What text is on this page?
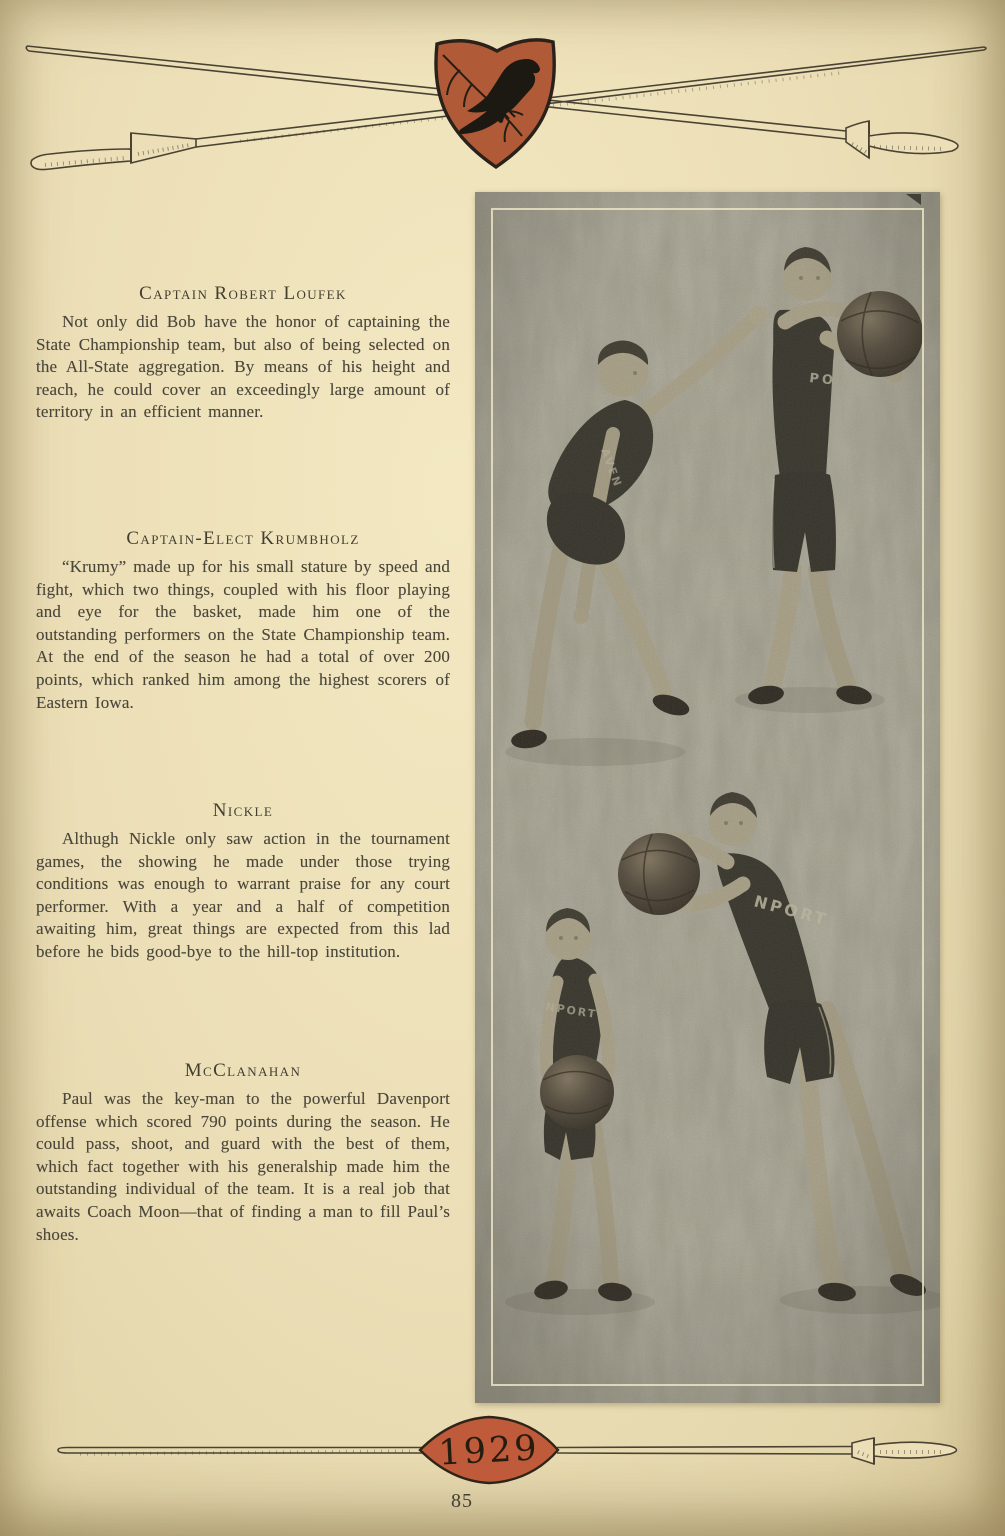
Captain Robert Loufek

Not only did Bob have the honor of captaining the State Championship team, but also of being selected on the All-State aggregation. By means of his height and reach, he could cover an exceedingly large amount of territory in an efficient manner.

Captain-Elect Krumbholz

“Krumy” made up for his small stature by speed and fight, which two things, coupled with his floor playing and eye for the basket, made him one of the outstanding performers on the State Championship team. At the end of the season he had a total of over 200 points, which ranked him among the highest scorers of Eastern Iowa.

Nickle

Althugh Nickle only saw action in the tournament games, the showing he made under those trying conditions was enough to warrant praise for any court performer. With a year and a half of competition awaiting him, great things are expected from this lad before he bids good-bye to the hill-top institution.

McClanahan

Paul was the key-man to the powerful Davenport offense which scored 790 points during the season. He could pass, shoot, and guard with the best of them, which fact together with his generalship made him the outstanding individual of the team. It is a real job that awaits Coach Moon—that of finding a man to fill Paul’s shoes.

1929
85
